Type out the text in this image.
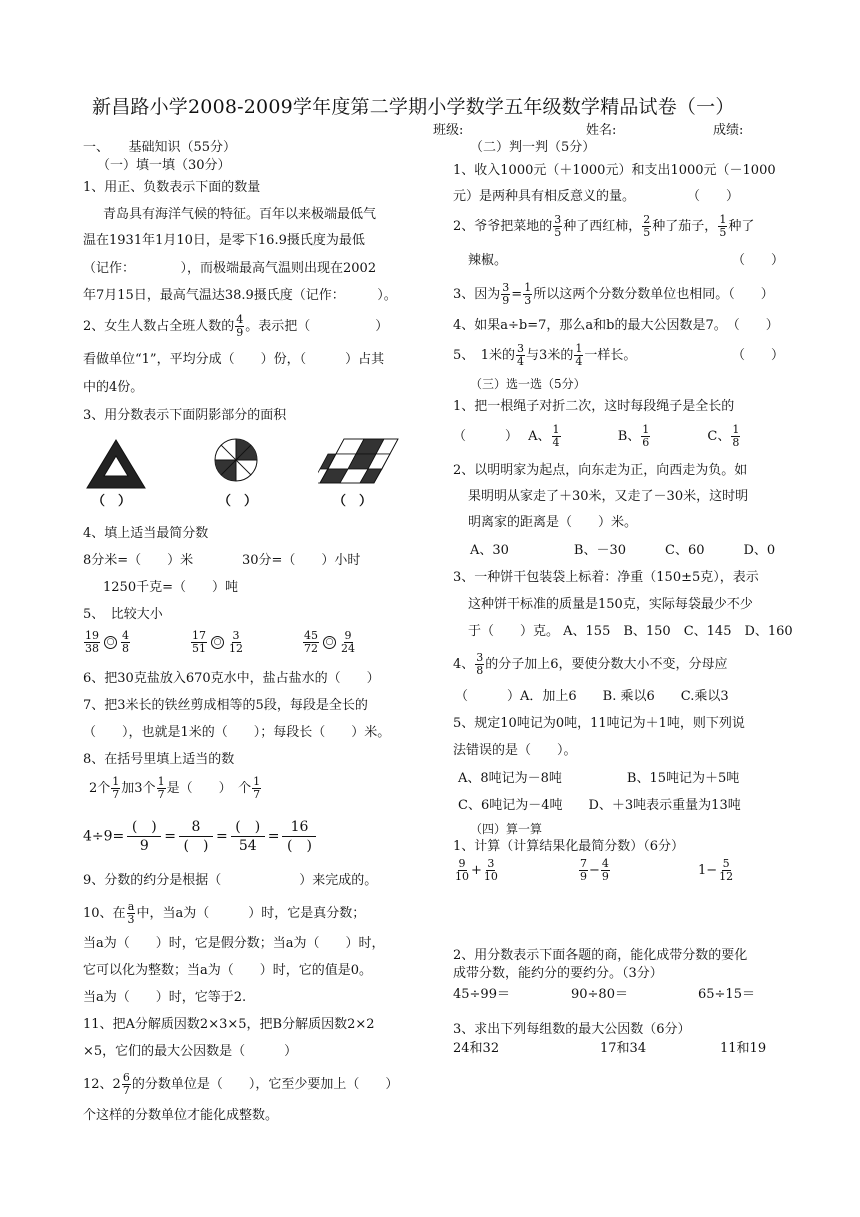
新昌路小学2008-2009学年度第二学期小学数学五年级数学精品试卷（一）
班级:	姓名:	成绩:
一、　　基础知识（55分）
（一）填一填（30分）
1、用正、负数表示下面的数量
青岛具有海洋气候的特征。百年以来极端最低气
温在1931年1月10日，是零下16.9摄氏度为最低
（记作：　　　　），而极端最高气温则出现在2002
年7月15日，最高气温达38.9摄氏度（记作：　　　）。
2、女生人数占全班人数的 $\frac{4}{9}$ 。表示把（　　　　　）
看做单位“1”，平均分成（　　）份，（　　　）占其
中的4份。
3、用分数表示下面阴影部分的面积
（　）	（　）	（　）
4、填上适当最简分数
8分米=（　　）米	30分=（　　）小时
1250千克=（　　）吨
5、　比较大小
$\frac{19}{38}$ ○ $\frac{4}{8}$	$\frac{17}{51}$ ○ $\frac{3}{12}$	$\frac{45}{72}$ ○ $\frac{9}{24}$
6、把30克盐放入670克水中，盐占盐水的（　　）
7、把3米长的铁丝剪成相等的5段，每段是全长的
（　　），也就是1米的（　　）；每段长（　　）米。
8、在括号里填上适当的数
2个 $\frac{1}{7}$ 加3个 $\frac{1}{7}$ 是（　　）　个 $\frac{1}{7}$
$4\div 9= \frac{( )}{9} = \frac{8}{( )} = \frac{( )}{54} = \frac{16}{( )}$
9、分数的约分是根据（　　　　　　）来完成的。
10、在 $\frac{a}{3}$ 中，当a为（　　　）时，它是真分数；
当a为（　　）时，它是假分数；当a为（　　）时，
它可以化为整数；当a为（　　）时，它的值是0。
当a为（　　）时，它等于2.
11、把A分解质因数2×3×5，把B分解质因数2×2
×5，它们的最大公因数是（　　　）
12、$2 \frac{6}{7}$ 的分数单位是（　　），它至少要加上（　　）
个这样的分数单位才能化成整数。
（二）判一判（5分）
1、收入1000元（＋1000元）和支出1000元（－1000
元）是两种具有相反意义的量。　　　　　（　　）
2、爷爷把菜地的 $\frac{3}{5}$ 种了西红柿， $\frac{2}{5}$ 种了茄子， $\frac{1}{5}$ 种了
辣椒。	（　　）
3、因为 $\frac{3}{9} = \frac{1}{3}$ 所以这两个分数分数单位也相同。（　　）
4、如果a÷b=7，那么a和b的最大公因数是7。　（　　）
5、　1米的 $\frac{3}{4}$ 与3米的 $\frac{1}{4}$ 一样长。	（　　）
（三）选一选（5分）
1、把一根绳子对折二次，这时每段绳子是全长的
（　　　） A、 $\frac{1}{4}$	B、 $\frac{1}{6}$	C、 $\frac{1}{8}$
2、以明明家为起点，向东走为正，向西走为负。如
果明明从家走了＋30米，又走了－30米，这时明
明离家的距离是（　　）米。
A、30　　　　　B、－30　　　C、60　　　D、0
3、一种饼干包装袋上标着：净重（150±5克），表示
这种饼干标准的质量是150克，实际每袋最少不少
于（　　）克。 A、155　B、150　C、145　D、160
4、 $\frac{3}{8}$ 的分子加上6，要使分数大小不变，分母应
（　　　）A．加上6　　B. 乘以6　　C.乘以3
5、规定10吨记为0吨，11吨记为＋1吨，则下列说
法错误的是（　　）。
A、8吨记为－8吨　　　　　B、15吨记为＋5吨
C、6吨记为－4吨　　D、＋3吨表示重量为13吨
（四）算一算
1、计算（计算结果化最简分数）（6分）
$\frac{9}{10} + \frac{3}{10}$	$\frac{7}{9} - \frac{4}{9}$	$1- \frac{5}{12}$
2、用分数表示下面各题的商，能化成带分数的要化
成带分数，能约分的要约分。（3分）
45÷99＝	90÷80＝	65÷15＝
3、求出下列每组数的最大公因数（6分）
24和32	17和34	11和19
